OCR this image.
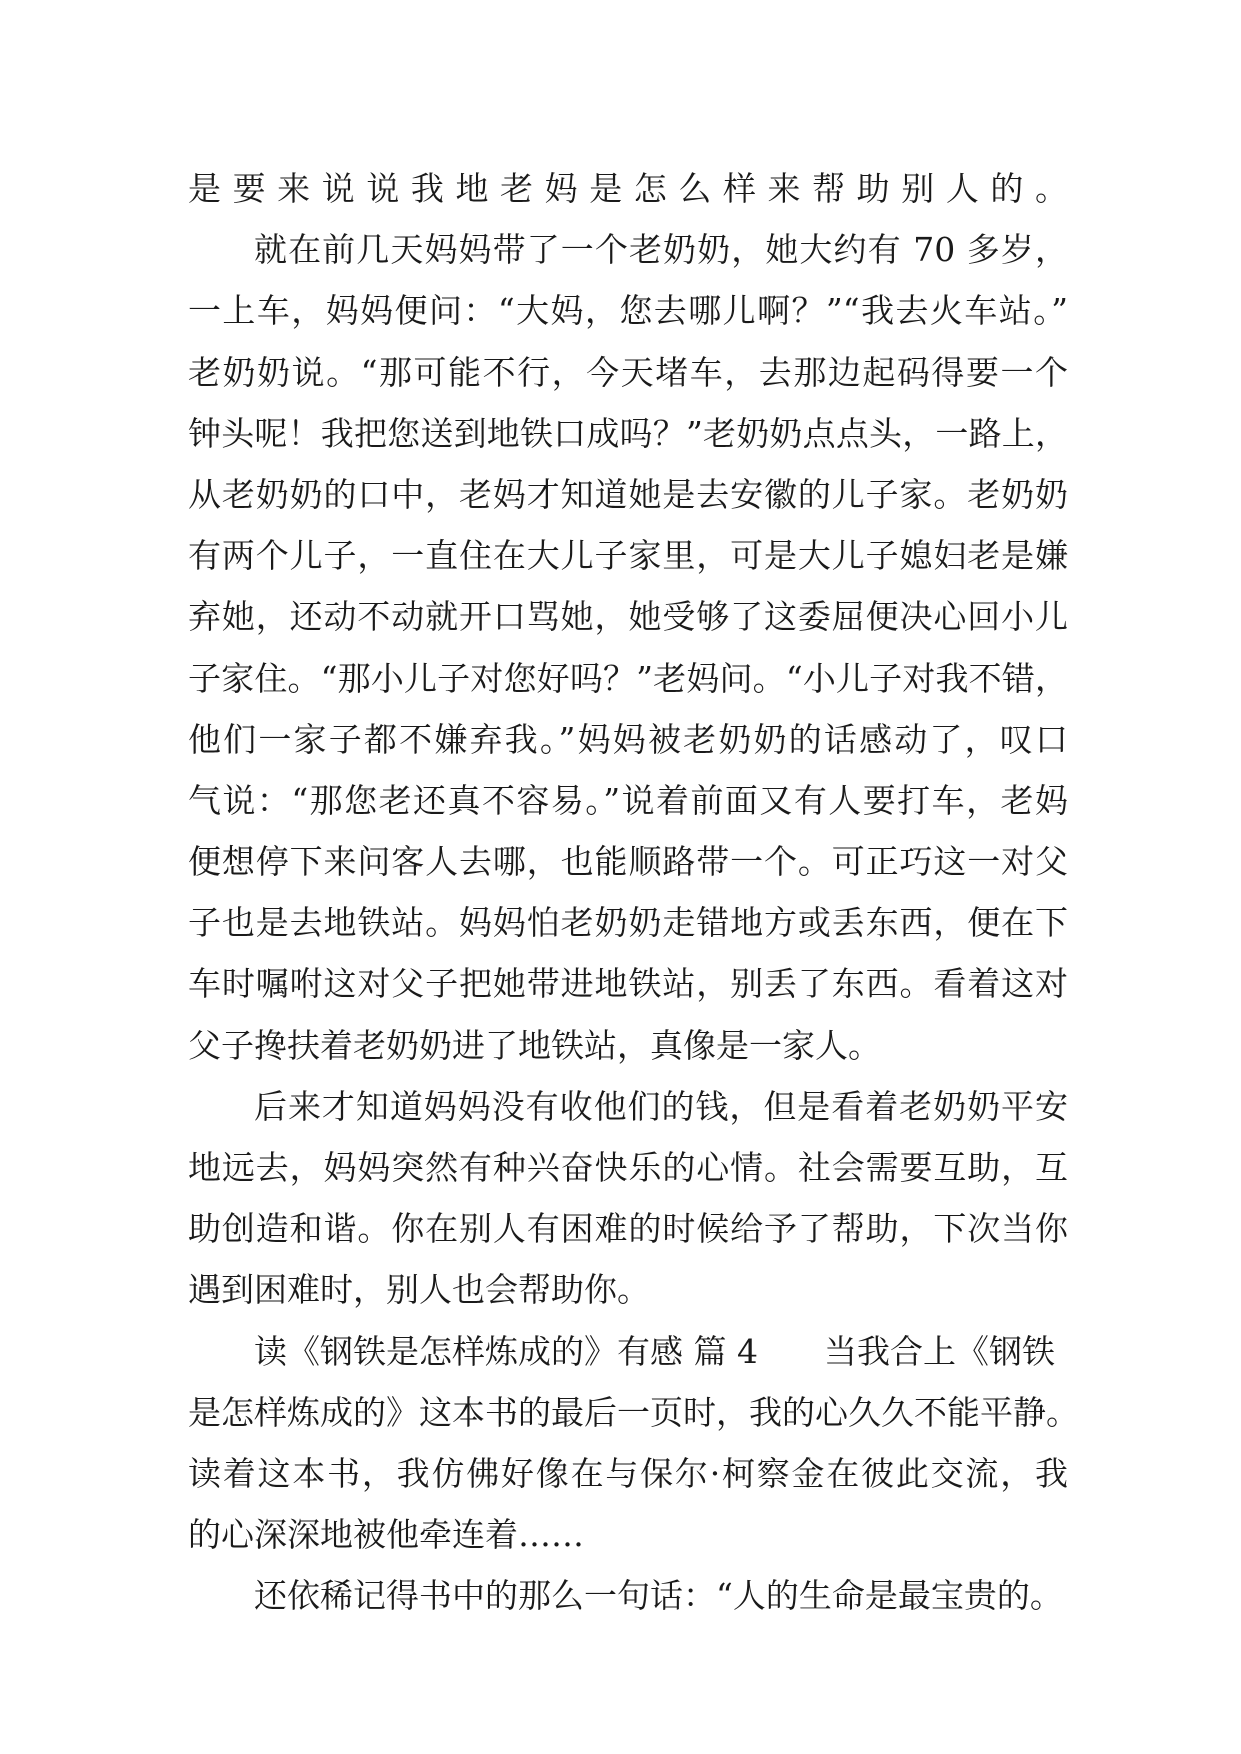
是要来说说我地老妈是怎么样来帮助别人的。
就在前几天妈妈带了一个老奶奶，她大约有 70 多岁，
一上车，妈妈便问：“大妈，您去哪儿啊？”“我去火车站。”
老奶奶说。“那可能不行，今天堵车，去那边起码得要一个
钟头呢！我把您送到地铁口成吗？”老奶奶点点头，一路上，
从老奶奶的口中，老妈才知道她是去安徽的儿子家。老奶奶
有两个儿子，一直住在大儿子家里，可是大儿子媳妇老是嫌
弃她，还动不动就开口骂她，她受够了这委屈便决心回小儿
子家住。“那小儿子对您好吗？”老妈问。“小儿子对我不错，
他们一家子都不嫌弃我。”妈妈被老奶奶的话感动了，叹口
气说：“那您老还真不容易。”说着前面又有人要打车，老妈
便想停下来问客人去哪，也能顺路带一个。可正巧这一对父
子也是去地铁站。妈妈怕老奶奶走错地方或丢东西，便在下
车时嘱咐这对父子把她带进地铁站，别丢了东西。看着这对
父子搀扶着老奶奶进了地铁站，真像是一家人。
后来才知道妈妈没有收他们的钱，但是看着老奶奶平安
地远去，妈妈突然有种兴奋快乐的心情。社会需要互助，互
助创造和谐。你在别人有困难的时候给予了帮助，下次当你
遇到困难时，别人也会帮助你。
读《钢铁是怎样炼成的》有感 篇 4 当我合上《钢铁
是怎样炼成的》这本书的最后一页时，我的心久久不能平静。
读着这本书，我仿佛好像在与保尔·柯察金在彼此交流，我
的心深深地被他牵连着……
还依稀记得书中的那么一句话：“人的生命是最宝贵的。
